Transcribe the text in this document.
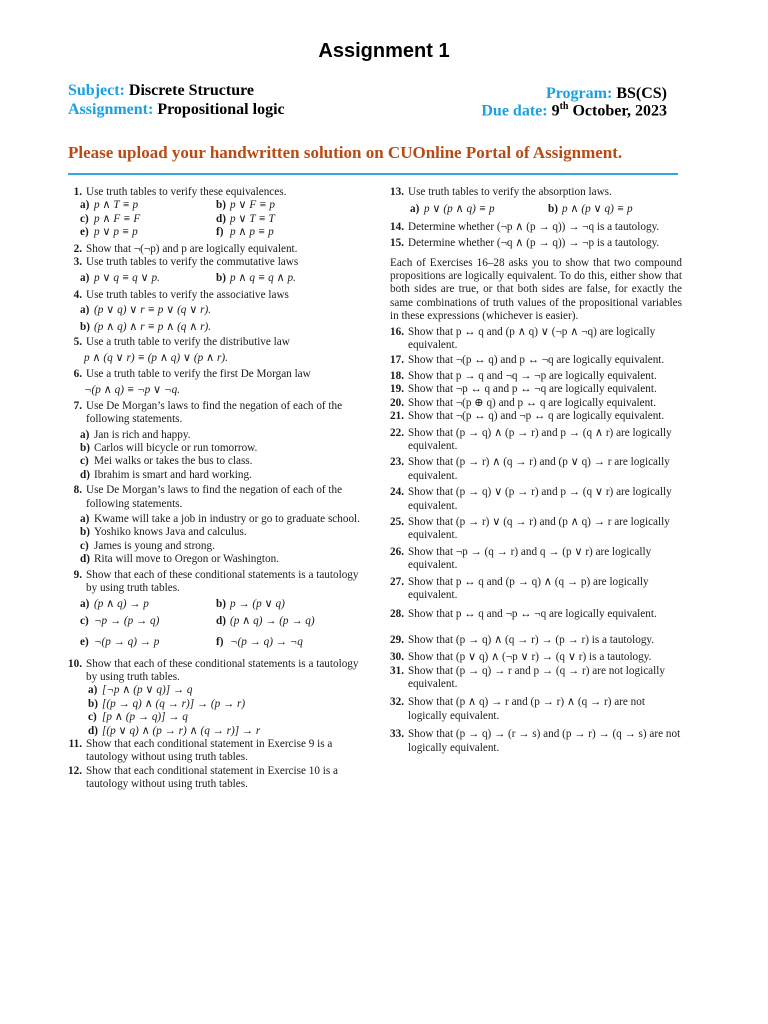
Assignment 1
Subject: Discrete Structure
Assignment: Propositional logic
Program: BS(CS)
Due date: 9th October, 2023
Please upload your handwritten solution on CUOnline Portal of Assignment.
1. Use truth tables to verify these equivalences.
a) p ∧ T ≡ p	b) p ∨ F ≡ p
c) p ∧ F ≡ F	d) p ∨ T ≡ T
e) p ∨ p ≡ p	f) p ∧ p ≡ p
2. Show that ¬(¬p) and p are logically equivalent.
3. Use truth tables to verify the commutative laws
a) p ∨ q ≡ q ∨ p.	b) p ∧ q ≡ q ∧ p.
4. Use truth tables to verify the associative laws
a) (p ∨ q) ∨ r ≡ p ∨ (q ∨ r).
b) (p ∧ q) ∧ r ≡ p ∧ (q ∧ r).
5. Use a truth table to verify the distributive law
p ∧ (q ∨ r) ≡ (p ∧ q) ∨ (p ∧ r).
6. Use a truth table to verify the first De Morgan law
¬(p ∧ q) ≡ ¬p ∨ ¬q.
7. Use De Morgan’s laws to find the negation of each of the following statements.
a) Jan is rich and happy.
b) Carlos will bicycle or run tomorrow.
c) Mei walks or takes the bus to class.
d) Ibrahim is smart and hard working.
8. Use De Morgan’s laws to find the negation of each of the following statements.
a) Kwame will take a job in industry or go to graduate school.
b) Yoshiko knows Java and calculus.
c) James is young and strong.
d) Rita will move to Oregon or Washington.
9. Show that each of these conditional statements is a tautology by using truth tables.
a) (p ∧ q) → p	b) p → (p ∨ q)
c) ¬p → (p → q)	d) (p ∧ q) → (p → q)
e) ¬(p → q) → p	f) ¬(p → q) → ¬q
10. Show that each of these conditional statements is a tautology by using truth tables.
a) [¬p ∧ (p ∨ q)] → q
b) [(p → q) ∧ (q → r)] → (p → r)
c) [p ∧ (p → q)] → q
d) [(p ∨ q) ∧ (p → r) ∧ (q → r)] → r
11. Show that each conditional statement in Exercise 9 is a tautology without using truth tables.
12. Show that each conditional statement in Exercise 10 is a tautology without using truth tables.
13. Use truth tables to verify the absorption laws.
a) p ∨ (p ∧ q) ≡ p	b) p ∧ (p ∨ q) ≡ p
14. Determine whether (¬p ∧ (p → q)) → ¬q is a tautology.
15. Determine whether (¬q ∧ (p → q)) → ¬p is a tautology.

Each of Exercises 16–28 asks you to show that two compound propositions are logically equivalent. To do this, either show that both sides are true, or that both sides are false, for exactly the same combinations of truth values of the propositional variables in these expressions (whichever is easier).

16. Show that p ↔ q and (p ∧ q) ∨ (¬p ∧ ¬q) are logically equivalent.
17. Show that ¬(p ↔ q) and p ↔ ¬q are logically equivalent.
18. Show that p → q and ¬q → ¬p are logically equivalent.
19. Show that ¬p ↔ q and p ↔ ¬q are logically equivalent.
20. Show that ¬(p ⊕ q) and p ↔ q are logically equivalent.
21. Show that ¬(p ↔ q) and ¬p ↔ q are logically equivalent.
22. Show that (p → q) ∧ (p → r) and p → (q ∧ r) are logically equivalent.
23. Show that (p → r) ∧ (q → r) and (p ∨ q) → r are logically equivalent.
24. Show that (p → q) ∨ (p → r) and p → (q ∨ r) are logically equivalent.
25. Show that (p → r) ∨ (q → r) and (p ∧ q) → r are logically equivalent.
26. Show that ¬p → (q → r) and q → (p ∨ r) are logically equivalent.
27. Show that p ↔ q and (p → q) ∧ (q → p) are logically equivalent.
28. Show that p ↔ q and ¬p ↔ ¬q are logically equivalent.
29. Show that (p → q) ∧ (q → r) → (p → r) is a tautology.
30. Show that (p ∨ q) ∧ (¬p ∨ r) → (q ∨ r) is a tautology.
31. Show that (p → q) → r and p → (q → r) are not logically equivalent.
32. Show that (p ∧ q) → r and (p → r) ∧ (q → r) are not logically equivalent.
33. Show that (p → q) → (r → s) and (p → r) → (q → s) are not logically equivalent.
